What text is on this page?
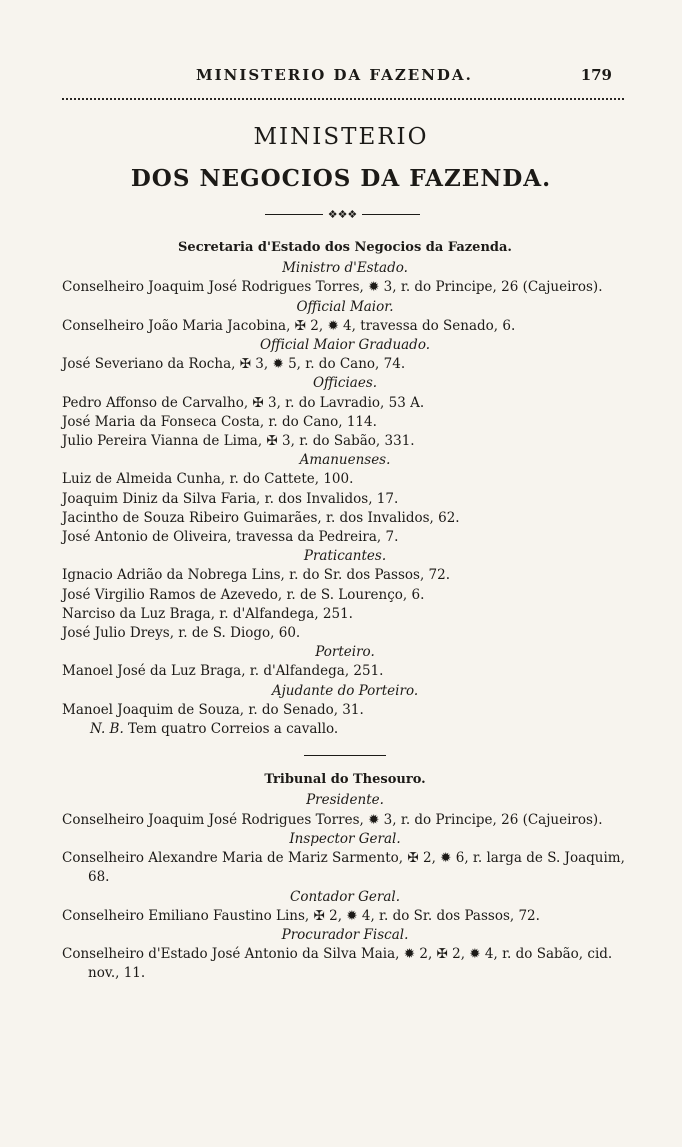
MINISTERIO DA FAZENDA.	179
MINISTERIO
DOS NEGOCIOS DA FAZENDA.
❖❖❖
Secretaria d'Estado dos Negocios da Fazenda.
Ministro d'Estado.
Conselheiro Joaquim José Rodrigues Torres, ✹ 3, r. do Principe, 26 (Cajueiros).
Official Maior.
Conselheiro João Maria Jacobina, ✠ 2, ✹ 4, travessa do Senado, 6.
Official Maior Graduado.
José Severiano da Rocha, ✠ 3, ✹ 5, r. do Cano, 74.
Officiaes.
Pedro Affonso de Carvalho, ✠ 3, r. do Lavradio, 53 A.
José Maria da Fonseca Costa, r. do Cano, 114.
Julio Pereira Vianna de Lima, ✠ 3, r. do Sabão, 331.
Amanuenses.
Luiz de Almeida Cunha, r. do Cattete, 100.
Joaquim Diniz da Silva Faria, r. dos Invalidos, 17.
Jacintho de Souza Ribeiro Guimarães, r. dos Invalidos, 62.
José Antonio de Oliveira, travessa da Pedreira, 7.
Praticantes.
Ignacio Adrião da Nobrega Lins, r. do Sr. dos Passos, 72.
José Virgilio Ramos de Azevedo, r. de S. Lourenço, 6.
Narciso da Luz Braga, r. d'Alfandega, 251.
José Julio Dreys, r. de S. Diogo, 60.
Porteiro.
Manoel José da Luz Braga, r. d'Alfandega, 251.
Ajudante do Porteiro.
Manoel Joaquim de Souza, r. do Senado, 31.
N. B. Tem quatro Correios a cavallo.
Tribunal do Thesouro.
Presidente.
Conselheiro Joaquim José Rodrigues Torres, ✹ 3, r. do Principe, 26 (Cajueiros).
Inspector Geral.
Conselheiro Alexandre Maria de Mariz Sarmento, ✠ 2, ✹ 6, r. larga de S. Joaquim, 68.
Contador Geral.
Conselheiro Emiliano Faustino Lins, ✠ 2, ✹ 4, r. do Sr. dos Passos, 72.
Procurador Fiscal.
Conselheiro d'Estado José Antonio da Silva Maia, ✹ 2, ✠ 2, ✹ 4, r. do Sabão, cid. nov., 11.
